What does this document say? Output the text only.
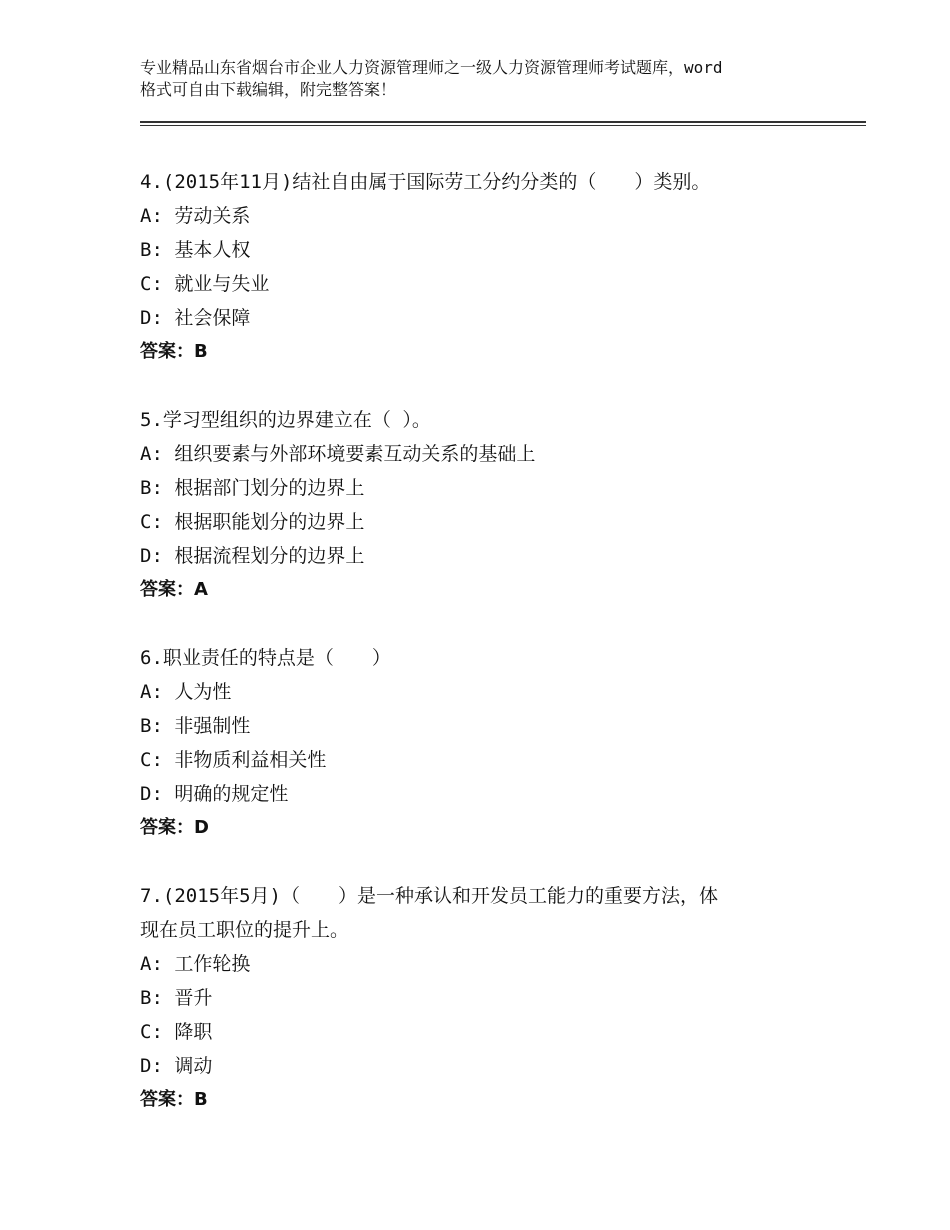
专业精品山东省烟台市企业人力资源管理师之一级人力资源管理师考试题库，word
格式可自由下载编辑，附完整答案！
4.(2015年11月)结社自由属于国际劳工分约分类的（　　）类别。
A: 劳动关系
B: 基本人权
C: 就业与失业
D: 社会保障
答案：B
5.学习型组织的边界建立在（ ）。
A: 组织要素与外部环境要素互动关系的基础上
B: 根据部门划分的边界上
C: 根据职能划分的边界上
D: 根据流程划分的边界上
答案：A
6.职业责任的特点是（　　）
A: 人为性
B: 非强制性
C: 非物质利益相关性
D: 明确的规定性
答案：D
7.(2015年5月)（　　）是一种承认和开发员工能力的重要方法，体
现在员工职位的提升上。
A: 工作轮换
B: 晋升
C: 降职
D: 调动
答案：B
